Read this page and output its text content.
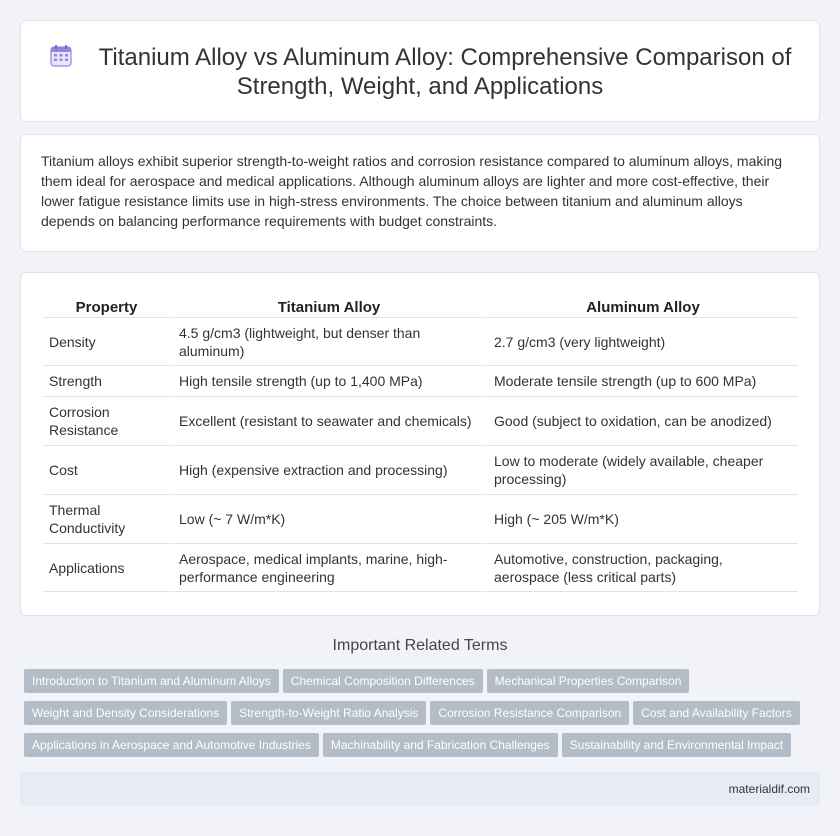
Titanium Alloy vs Aluminum Alloy: Comprehensive Comparison of Strength, Weight, and Applications

Titanium alloys exhibit superior strength-to-weight ratios and corrosion resistance compared to aluminum alloys, making them ideal for aerospace and medical applications. Although aluminum alloys are lighter and more cost-effective, their lower fatigue resistance limits use in high-stress environments. The choice between titanium and aluminum alloys depends on balancing performance requirements with budget constraints.

Property	Titanium Alloy	Aluminum Alloy
Density	4.5 g/cm3 (lightweight, but denser than aluminum)	2.7 g/cm3 (very lightweight)
Strength	High tensile strength (up to 1,400 MPa)	Moderate tensile strength (up to 600 MPa)
Corrosion Resistance	Excellent (resistant to seawater and chemicals)	Good (subject to oxidation, can be anodized)
Cost	High (expensive extraction and processing)	Low to moderate (widely available, cheaper processing)
Thermal Conductivity	Low (~ 7 W/m*K)	High (~ 205 W/m*K)
Applications	Aerospace, medical implants, marine, high-performance engineering	Automotive, construction, packaging, aerospace (less critical parts)
Important Related Terms
Introduction to Titanium and Aluminum Alloys Chemical Composition Differences Mechanical Properties Comparison
Weight and Density Considerations Strength-to-Weight Ratio Analysis Corrosion Resistance Comparison Cost and Availability Factors
Applications in Aerospace and Automotive Industries Machinability and Fabrication Challenges Sustainability and Environmental Impact
materialdif.com
